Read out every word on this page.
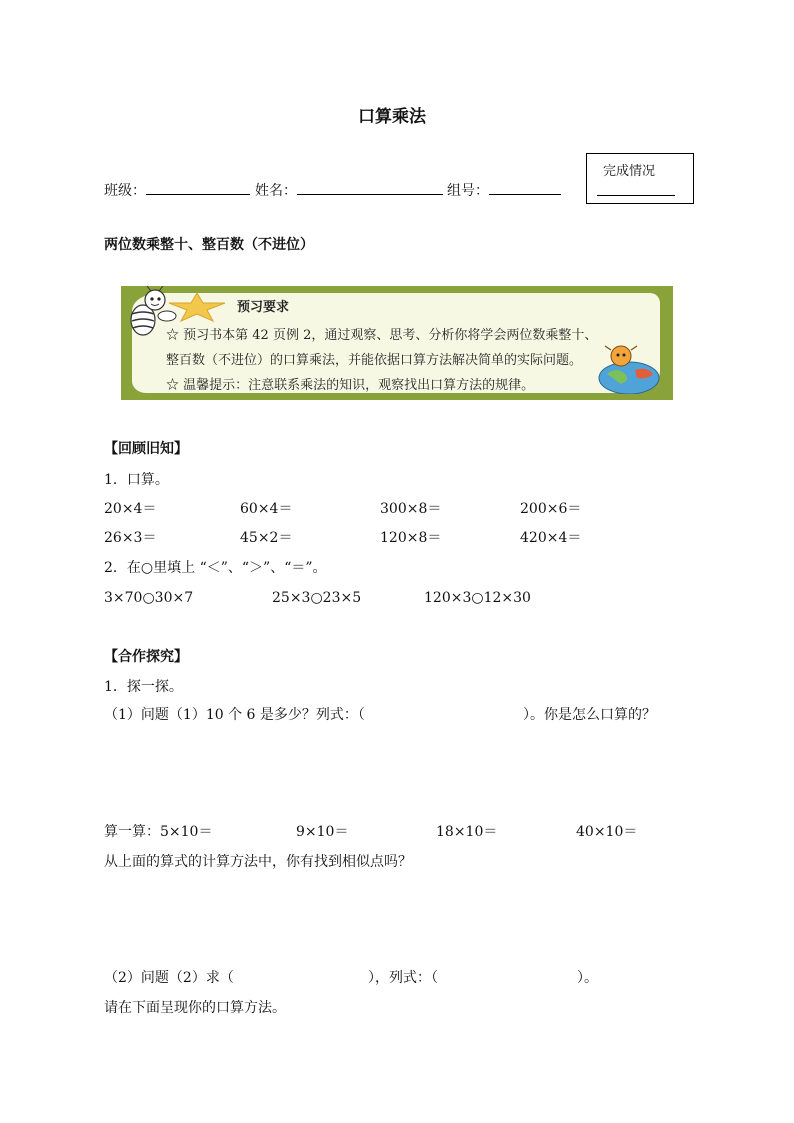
口算乘法
班级：	姓名：	组号：
完成情况
两位数乘整十、整百数（不进位）
预习要求
☆ 预习书本第 42 页例 2，通过观察、思考、分析你将学会两位数乘整十、
整百数（不进位）的口算乘法，并能依据口算方法解决简单的实际问题。
☆ 温馨提示：注意联系乘法的知识，观察找出口算方法的规律。
【回顾旧知】
1．口算。
20×4＝	60×4＝	300×8＝	200×6＝
26×3＝	45×2＝	120×8＝	420×4＝
2．在○里填上 “＜”、“＞”、“＝”。
3×70○30×7	25×3○23×5	120×3○12×30
【合作探究】
1．探一探。
（1）问题（1）10 个 6 是多少？列式：（	）。你是怎么口算的？
算一算： 5×10＝	9×10＝	18×10＝	40×10＝
从上面的算式的计算方法中，你有找到相似点吗？
（2）问题（2）求（	），列式：（	）。
请在下面呈现你的口算方法。
